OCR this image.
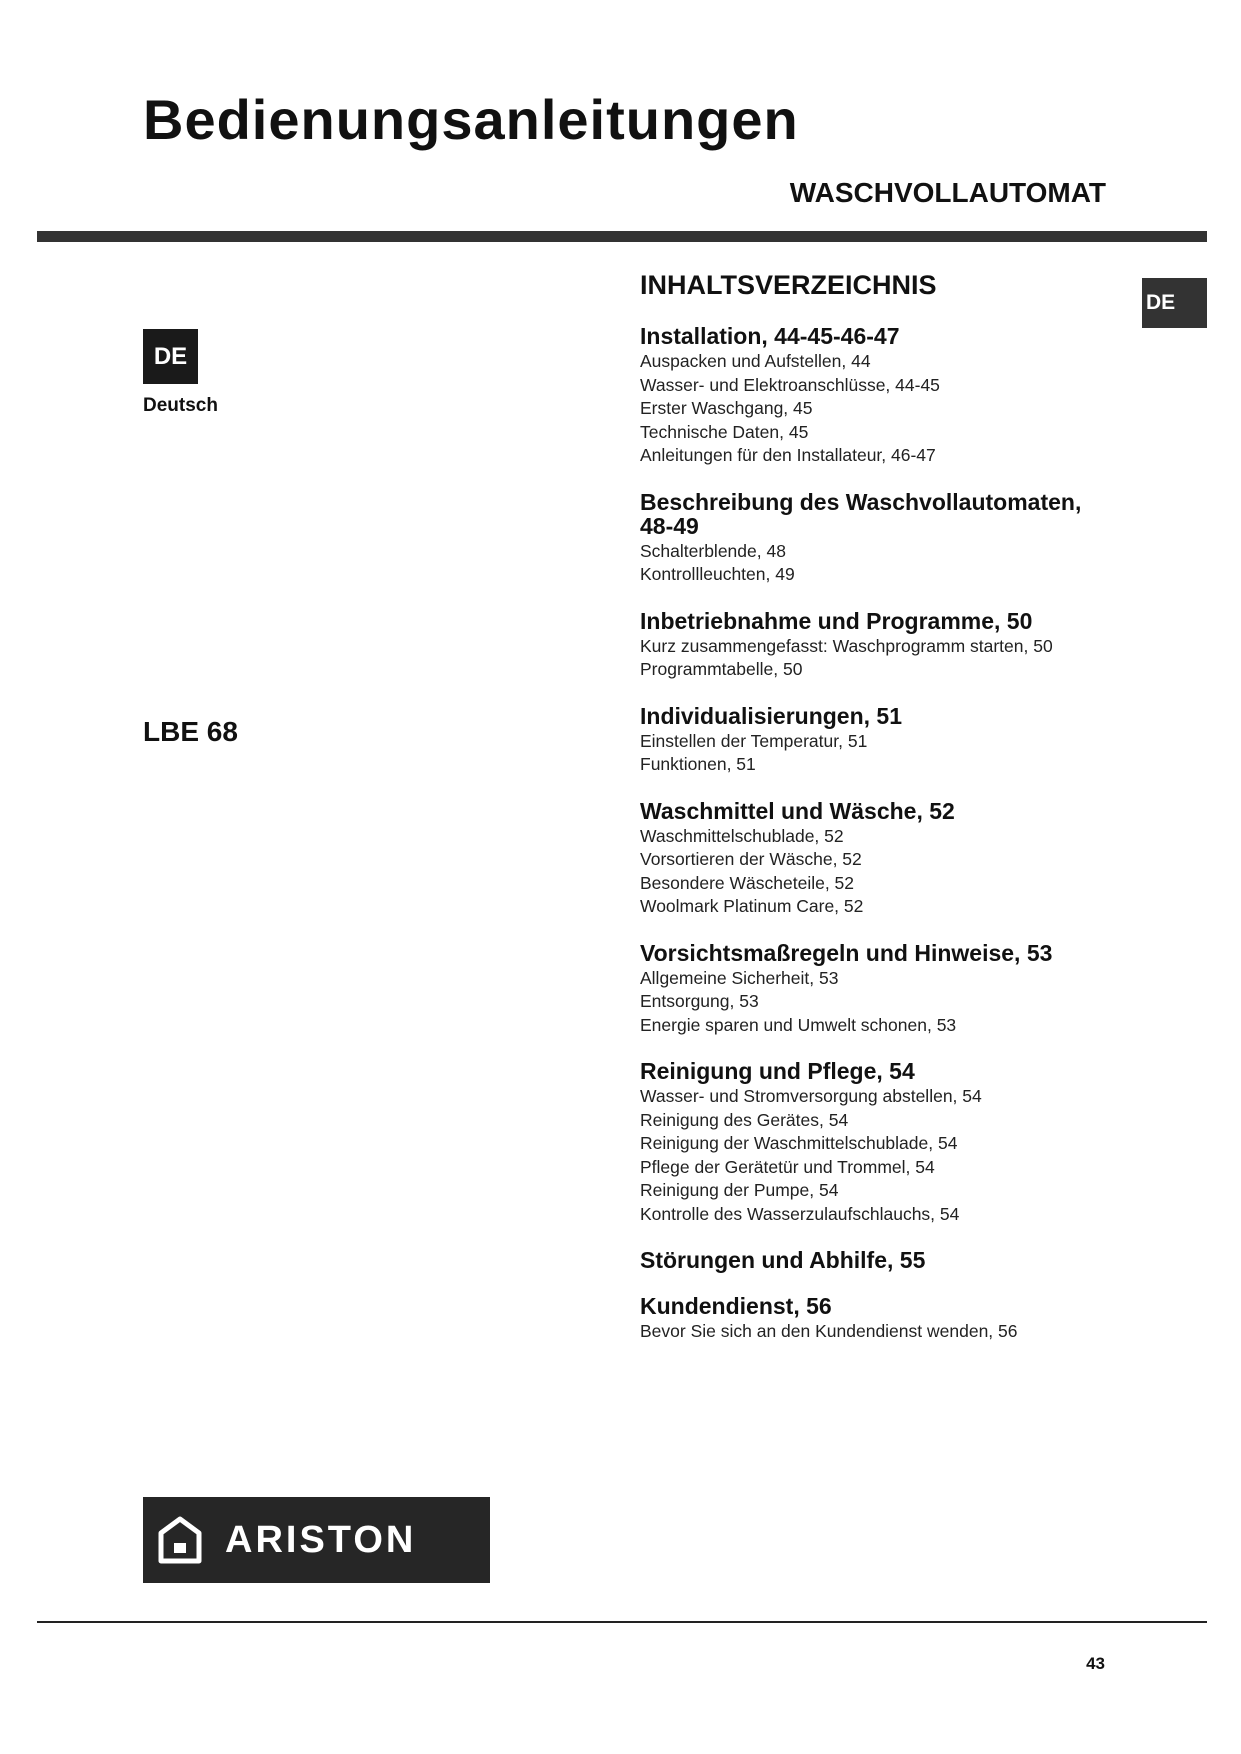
Bedienungsanleitungen
WASCHVOLLAUTOMAT
DE
Deutsch
LBE 68
DE
INHALTSVERZEICHNIS
Installation, 44-45-46-47
Auspacken und Aufstellen, 44
Wasser- und Elektroanschlüsse, 44-45
Erster Waschgang, 45
Technische Daten, 45
Anleitungen für den Installateur, 46-47
Beschreibung des Waschvollautomaten, 48-49
Schalterblende, 48
Kontrollleuchten, 49
Inbetriebnahme und Programme, 50
Kurz zusammengefasst: Waschprogramm starten, 50
Programmtabelle, 50
Individualisierungen, 51
Einstellen der Temperatur, 51
Funktionen, 51
Waschmittel und Wäsche, 52
Waschmittelschublade, 52
Vorsortieren der Wäsche, 52
Besondere Wäscheteile, 52
Woolmark Platinum Care, 52
Vorsichtsmaßregeln und Hinweise, 53
Allgemeine Sicherheit, 53
Entsorgung, 53
Energie sparen und Umwelt schonen, 53
Reinigung und Pflege, 54
Wasser- und Stromversorgung abstellen, 54
Reinigung des Gerätes, 54
Reinigung der Waschmittelschublade, 54
Pflege der Gerätetür und Trommel, 54
Reinigung der Pumpe, 54
Kontrolle des Wasserzulaufschlauchs, 54
Störungen und Abhilfe, 55
Kundendienst, 56
Bevor Sie sich an den Kundendienst wenden, 56
ARISTON
43
